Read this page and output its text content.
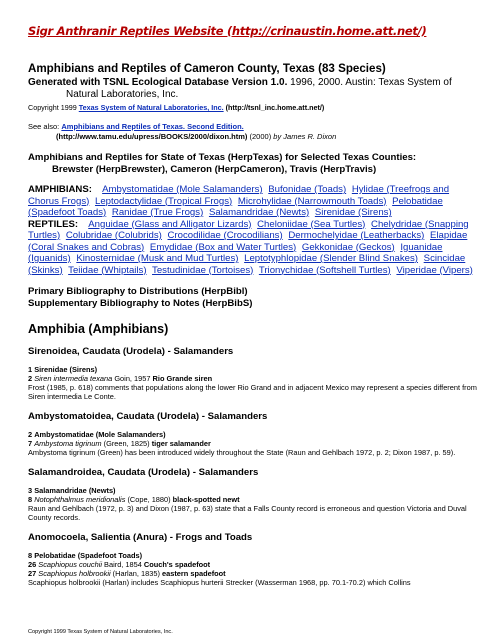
Sigr Anthranir Reptiles Website (http://crinaustin.home.att.net/)
Amphibians and Reptiles of Cameron County, Texas (83 Species)
Generated with TSNL Ecological Database Version 1.0. 1996, 2000. Austin: Texas System of
Natural Laboratories, Inc.
Copyright 1999 Texas System of Natural Laboratories, Inc. (http://tsnl_inc.home.att.net/)
See also: Amphibians and Reptiles of Texas. Second Edition.
(http://www.tamu.edu/upress/BOOKS/2000/dixon.htm) (2000) by James R. Dixon
Amphibians and Reptiles for State of Texas (HerpTexas) for Selected Texas Counties:
Brewster (HerpBrewster), Cameron (HerpCameron), Travis (HerpTravis)
AMPHIBIANS: Ambystomatidae (Mole Salamanders) Bufonidae (Toads) Hylidae (Treefrogs and Chorus Frogs) Leptodactylidae (Tropical Frogs) Microhylidae (Narrowmouth Toads) Pelobatidae (Spadefoot Toads) Ranidae (True Frogs) Salamandridae (Newts) Sirenidae (Sirens)
REPTILES: Anguidae (Glass and Alligator Lizards) Cheloniidae (Sea Turtles) Chelydridae (Snapping Turtles) Colubridae (Colubrids) Crocodilidae (Crocodilians) Dermochelyidae (Leatherbacks) Elapidae (Coral Snakes and Cobras) Emydidae (Box and Water Turtles) Gekkonidae (Geckos) Iguanidae (Iguanids) Kinosternidae (Musk and Mud Turtles) Leptotyphlopidae (Slender Blind Snakes) Scincidae (Skinks) Teiidae (Whiptails) Testudinidae (Tortoises) Trionychidae (Softshell Turtles) Viperidae (Vipers)
Primary Bibliography to Distributions (HerpBibl)
Supplementary Bibliography to Notes (HerpBibS)
Amphibia (Amphibians)
Sirenoidea, Caudata (Urodela) - Salamanders
1 Sirenidae (Sirens)
2 Siren intermedia texana Goin, 1957 Rio Grande siren
Frost (1985, p. 618) comments that populations along the lower Rio Grand and in adjacent Mexico may represent a species different from Siren intermedia Le Conte.
Ambystomatoidea, Caudata (Urodela) - Salamanders
2 Ambystomatidae (Mole Salamanders)
7 Ambystoma tigrinum (Green, 1825) tiger salamander
Ambystoma tigrinum (Green) has been introduced widely throughout the State (Raun and Gehlbach 1972, p. 2; Dixon 1987, p. 59).
Salamandroidea, Caudata (Urodela) - Salamanders
3 Salamandridae (Newts)
8 Notophthalmus meridionalis (Cope, 1880) black-spotted newt
Raun and Gehlbach (1972, p. 3) and Dixon (1987, p. 63) state that a Falls County record is erroneous and question Victoria and Duval County records.
Anomocoela, Salientia (Anura) - Frogs and Toads
8 Pelobatidae (Spadefoot Toads)
26 Scaphiopus couchii Baird, 1854 Couch's spadefoot
27 Scaphiopus holbrookii (Harlan, 1835) eastern spadefoot
Scaphiopus holbrookii (Harlan) includes Scaphiopus hurterii Strecker (Wasserman 1968, pp. 70.1-70.2) which Collins
Copyright 1999 Texas System of Natural Laboratories, Inc.
